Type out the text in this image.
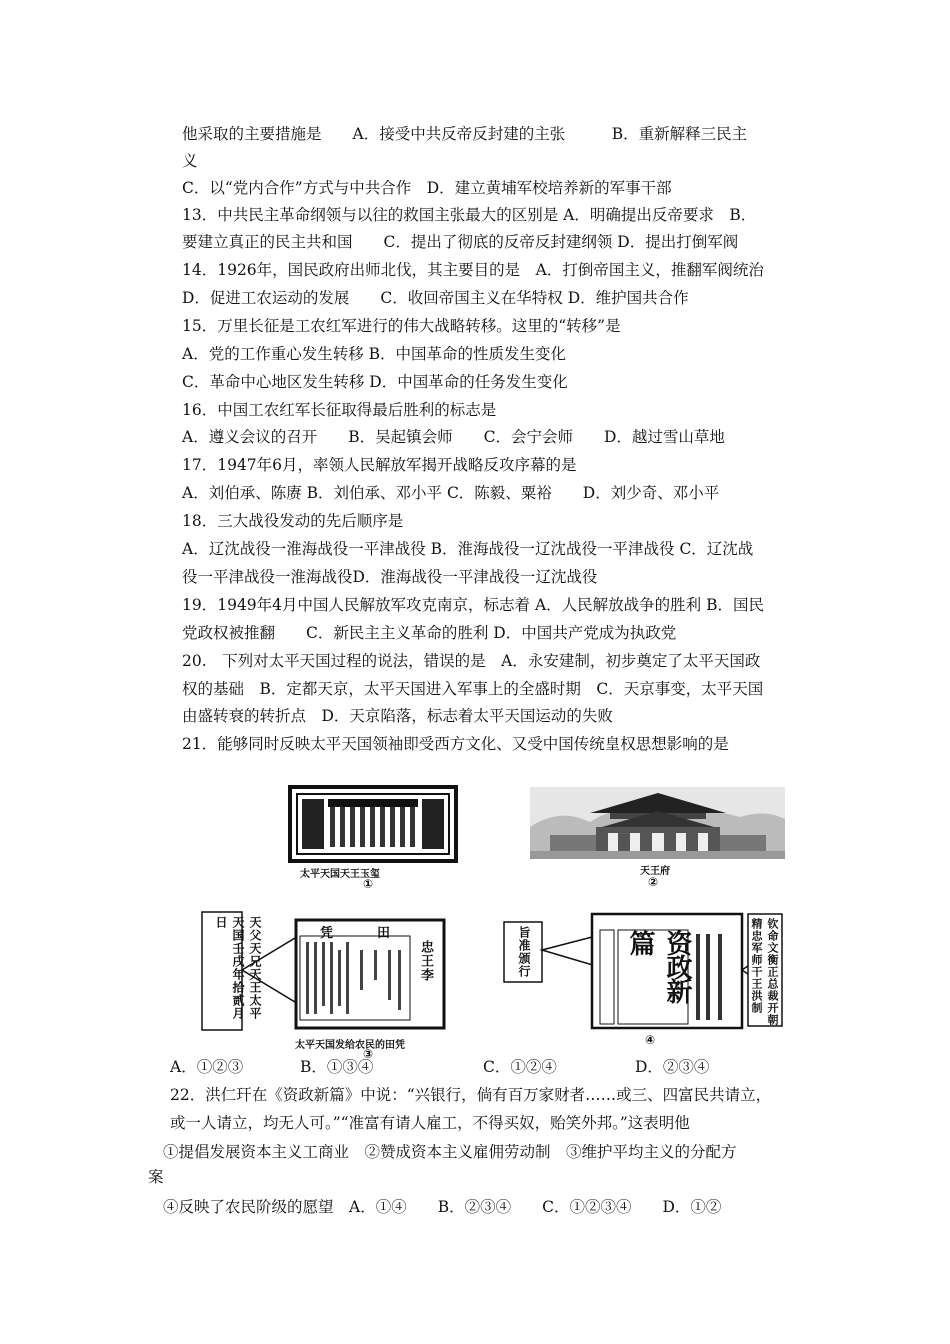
他采取的主要措施是　　A．接受中共反帝反封建的主张　　　B．重新解释三民主
义
C．以“党内合作”方式与中共合作　D．建立黄埔军校培养新的军事干部
13．中共民主革命纲领与以往的救国主张最大的区别是 A．明确提出反帝要求　B．
要建立真正的民主共和国　　C．提出了彻底的反帝反封建纲领 D．提出打倒军阀
14．1926年，国民政府出师北伐，其主要目的是　A．打倒帝国主义，推翻军阀统治
D．促进工农运动的发展　　C．收回帝国主义在华特权 D．维护国共合作
15．万里长征是工农红军进行的伟大战略转移。这里的“转移”是
A．党的工作重心发生转移 B．中国革命的性质发生变化
C．革命中心地区发生转移 D．中国革命的任务发生变化
16．中国工农红军长征取得最后胜利的标志是
A．遵义会议的召开　　B．吴起镇会师　　C．会宁会师　　D．越过雪山草地
17．1947年6月，率领人民解放军揭开战略反攻序幕的是
A．刘伯承、陈赓 B．刘伯承、邓小平 C．陈毅、粟裕　　D．刘少奇、邓小平
18．三大战役发动的先后顺序是
A．辽沈战役一淮海战役一平津战役 B．淮海战役一辽沈战役一平津战役 C．辽沈战
役一平津战役一淮海战役D．淮海战役一平津战役一辽沈战役
19．1949年4月中国人民解放军攻克南京，标志着 A．人民解放战争的胜利 B．国民
党政权被推翻　　C．新民主主义革命的胜利 D．中国共产党成为执政党
20.　下列对太平天国过程的说法，错误的是　A．永安建制，初步奠定了太平天国政
权的基础　B．定都天京，太平天国进入军事上的全盛时期　C．天京事变，太平天国
由盛转衰的转折点　D．天京陷落，标志着太平天国运动的失败
21．能够同时反映太平天国领袖即受西方文化、又受中国传统皇权思想影响的是
太平天国天王玉玺
①
天王府
②
天父天兄天王太平天国壬戌年拾贰月日
凭　　田
忠王李
太平天国发给农民的田凭
③
旨准颁行	资政新篇	钦命文衡正总裁开朝精忠军师干王洪制
④
A．①②③	B．①③④	C．①②④	D．②③④
22．洪仁玕在《资政新篇》中说：“兴银行，倘有百万家财者……或三、四富民共请立，
或一人请立，均无人可。”“准富有请人雇工，不得买奴，贻笑外邦。”这表明他
①提倡发展资本主义工商业　②赞成资本主义雇佣劳动制　③维护平均主义的分配方
案
④反映了农民阶级的愿望　A．①④　　B．②③④　　C．①②③④　　D．①②
